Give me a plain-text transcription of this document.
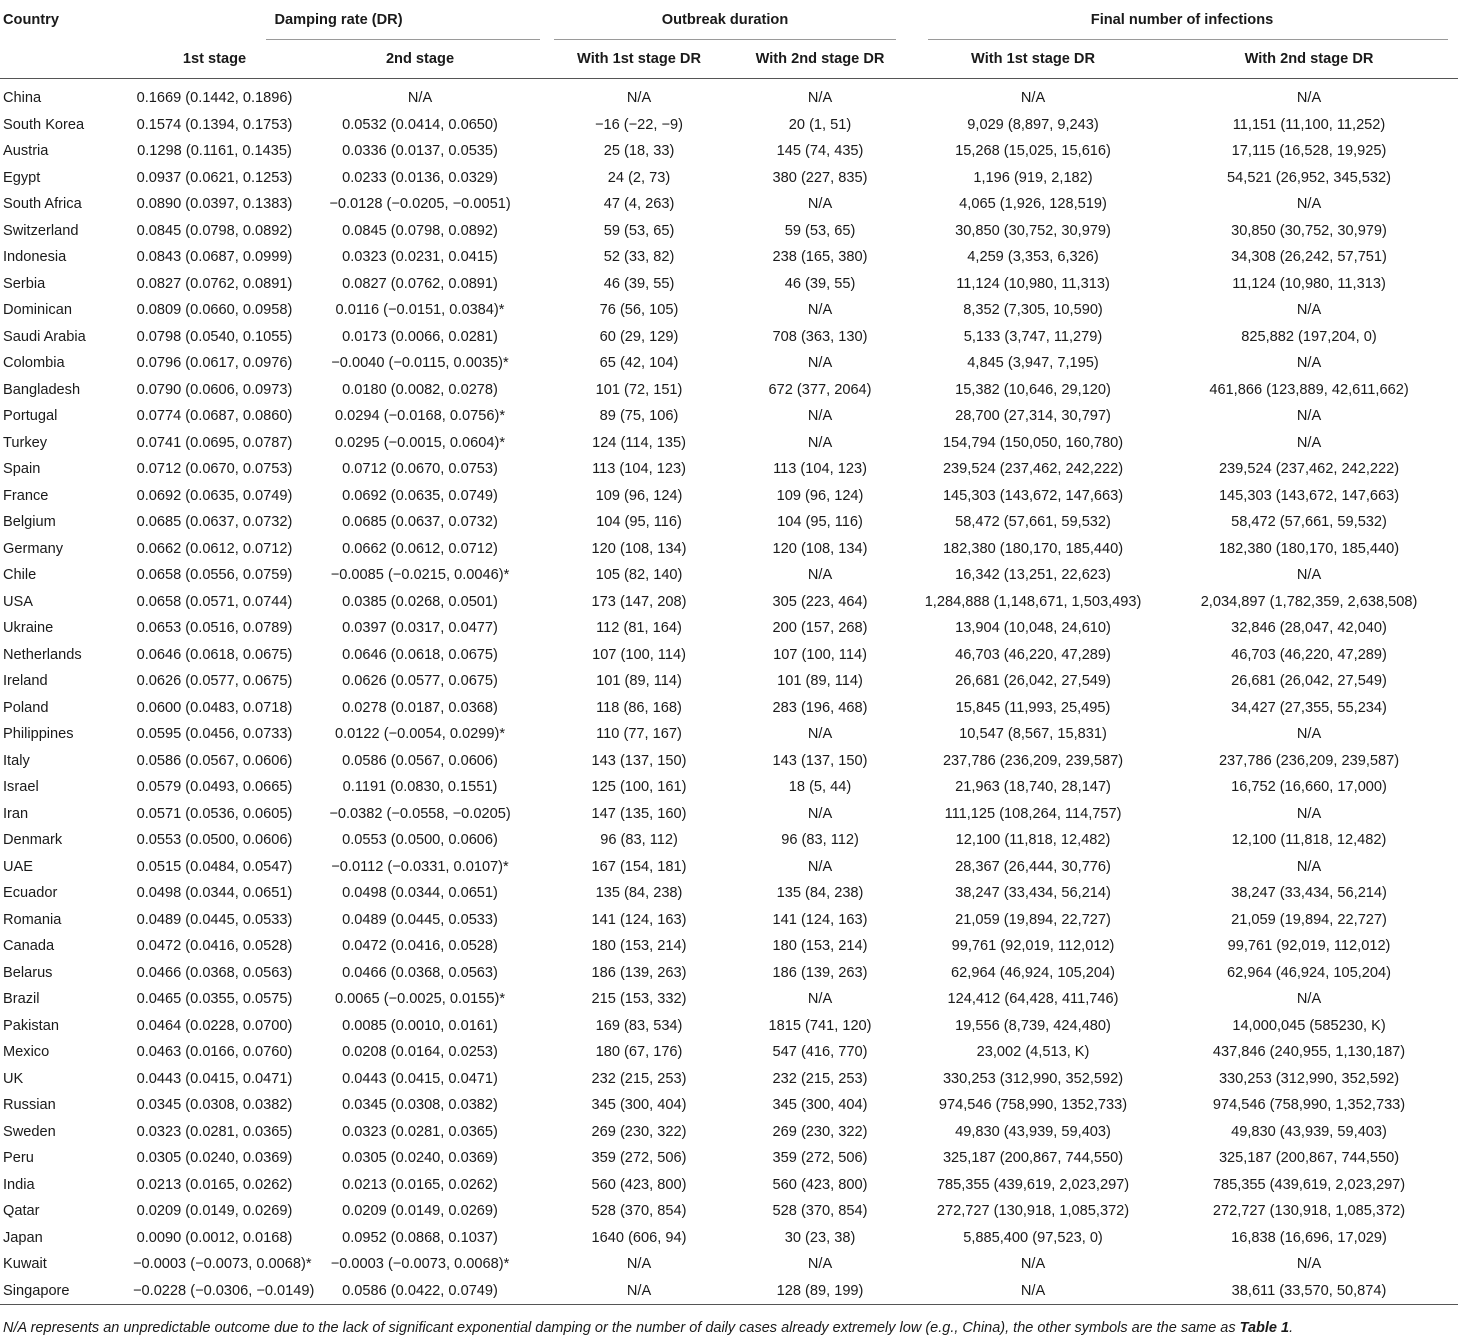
Country	Damping rate (DR)		Outbreak duration		Final number of infections	

	1st stage	2nd stage	With 1st stage DR	With 2nd stage DR	With 1st stage DR	With 2nd stage DR
China	0.1669 (0.1442, 0.1896)	N/A	N/A	N/A	N/A	N/A
South Korea	0.1574 (0.1394, 0.1753)	0.0532 (0.0414, 0.0650)	−16 (−22, −9)	20 (1, 51)	9,029 (8,897, 9,243)	11,151 (11,100, 11,252)
Austria	0.1298 (0.1161, 0.1435)	0.0336 (0.0137, 0.0535)	25 (18, 33)	145 (74, 435)	15,268 (15,025, 15,616)	17,115 (16,528, 19,925)
Egypt	0.0937 (0.0621, 0.1253)	0.0233 (0.0136, 0.0329)	24 (2, 73)	380 (227, 835)	1,196 (919, 2,182)	54,521 (26,952, 345,532)
South Africa	0.0890 (0.0397, 0.1383)	−0.0128 (−0.0205, −0.0051)	47 (4, 263)	N/A	4,065 (1,926, 128,519)	N/A
Switzerland	0.0845 (0.0798, 0.0892)	0.0845 (0.0798, 0.0892)	59 (53, 65)	59 (53, 65)	30,850 (30,752, 30,979)	30,850 (30,752, 30,979)
Indonesia	0.0843 (0.0687, 0.0999)	0.0323 (0.0231, 0.0415)	52 (33, 82)	238 (165, 380)	4,259 (3,353, 6,326)	34,308 (26,242, 57,751)
Serbia	0.0827 (0.0762, 0.0891)	0.0827 (0.0762, 0.0891)	46 (39, 55)	46 (39, 55)	11,124 (10,980, 11,313)	11,124 (10,980, 11,313)
Dominican	0.0809 (0.0660, 0.0958)	0.0116 (−0.0151, 0.0384)*	76 (56, 105)	N/A	8,352 (7,305, 10,590)	N/A
Saudi Arabia	0.0798 (0.0540, 0.1055)	0.0173 (0.0066, 0.0281)	60 (29, 129)	708 (363, 130)	5,133 (3,747, 11,279)	825,882 (197,204, 0)
Colombia	0.0796 (0.0617, 0.0976)	−0.0040 (−0.0115, 0.0035)*	65 (42, 104)	N/A	4,845 (3,947, 7,195)	N/A
Bangladesh	0.0790 (0.0606, 0.0973)	0.0180 (0.0082, 0.0278)	101 (72, 151)	672 (377, 2064)	15,382 (10,646, 29,120)	461,866 (123,889, 42,611,662)
Portugal	0.0774 (0.0687, 0.0860)	0.0294 (−0.0168, 0.0756)*	89 (75, 106)	N/A	28,700 (27,314, 30,797)	N/A
Turkey	0.0741 (0.0695, 0.0787)	0.0295 (−0.0015, 0.0604)*	124 (114, 135)	N/A	154,794 (150,050, 160,780)	N/A
Spain	0.0712 (0.0670, 0.0753)	0.0712 (0.0670, 0.0753)	113 (104, 123)	113 (104, 123)	239,524 (237,462, 242,222)	239,524 (237,462, 242,222)
France	0.0692 (0.0635, 0.0749)	0.0692 (0.0635, 0.0749)	109 (96, 124)	109 (96, 124)	145,303 (143,672, 147,663)	145,303 (143,672, 147,663)
Belgium	0.0685 (0.0637, 0.0732)	0.0685 (0.0637, 0.0732)	104 (95, 116)	104 (95, 116)	58,472 (57,661, 59,532)	58,472 (57,661, 59,532)
Germany	0.0662 (0.0612, 0.0712)	0.0662 (0.0612, 0.0712)	120 (108, 134)	120 (108, 134)	182,380 (180,170, 185,440)	182,380 (180,170, 185,440)
Chile	0.0658 (0.0556, 0.0759)	−0.0085 (−0.0215, 0.0046)*	105 (82, 140)	N/A	16,342 (13,251, 22,623)	N/A
USA	0.0658 (0.0571, 0.0744)	0.0385 (0.0268, 0.0501)	173 (147, 208)	305 (223, 464)	1,284,888 (1,148,671, 1,503,493)	2,034,897 (1,782,359, 2,638,508)
Ukraine	0.0653 (0.0516, 0.0789)	0.0397 (0.0317, 0.0477)	112 (81, 164)	200 (157, 268)	13,904 (10,048, 24,610)	32,846 (28,047, 42,040)
Netherlands	0.0646 (0.0618, 0.0675)	0.0646 (0.0618, 0.0675)	107 (100, 114)	107 (100, 114)	46,703 (46,220, 47,289)	46,703 (46,220, 47,289)
Ireland	0.0626 (0.0577, 0.0675)	0.0626 (0.0577, 0.0675)	101 (89, 114)	101 (89, 114)	26,681 (26,042, 27,549)	26,681 (26,042, 27,549)
Poland	0.0600 (0.0483, 0.0718)	0.0278 (0.0187, 0.0368)	118 (86, 168)	283 (196, 468)	15,845 (11,993, 25,495)	34,427 (27,355, 55,234)
Philippines	0.0595 (0.0456, 0.0733)	0.0122 (−0.0054, 0.0299)*	110 (77, 167)	N/A	10,547 (8,567, 15,831)	N/A
Italy	0.0586 (0.0567, 0.0606)	0.0586 (0.0567, 0.0606)	143 (137, 150)	143 (137, 150)	237,786 (236,209, 239,587)	237,786 (236,209, 239,587)
Israel	0.0579 (0.0493, 0.0665)	0.1191 (0.0830, 0.1551)	125 (100, 161)	18 (5, 44)	21,963 (18,740, 28,147)	16,752 (16,660, 17,000)
Iran	0.0571 (0.0536, 0.0605)	−0.0382 (−0.0558, −0.0205)	147 (135, 160)	N/A	111,125 (108,264, 114,757)	N/A
Denmark	0.0553 (0.0500, 0.0606)	0.0553 (0.0500, 0.0606)	96 (83, 112)	96 (83, 112)	12,100 (11,818, 12,482)	12,100 (11,818, 12,482)
UAE	0.0515 (0.0484, 0.0547)	−0.0112 (−0.0331, 0.0107)*	167 (154, 181)	N/A	28,367 (26,444, 30,776)	N/A
Ecuador	0.0498 (0.0344, 0.0651)	0.0498 (0.0344, 0.0651)	135 (84, 238)	135 (84, 238)	38,247 (33,434, 56,214)	38,247 (33,434, 56,214)
Romania	0.0489 (0.0445, 0.0533)	0.0489 (0.0445, 0.0533)	141 (124, 163)	141 (124, 163)	21,059 (19,894, 22,727)	21,059 (19,894, 22,727)
Canada	0.0472 (0.0416, 0.0528)	0.0472 (0.0416, 0.0528)	180 (153, 214)	180 (153, 214)	99,761 (92,019, 112,012)	99,761 (92,019, 112,012)
Belarus	0.0466 (0.0368, 0.0563)	0.0466 (0.0368, 0.0563)	186 (139, 263)	186 (139, 263)	62,964 (46,924, 105,204)	62,964 (46,924, 105,204)
Brazil	0.0465 (0.0355, 0.0575)	0.0065 (−0.0025, 0.0155)*	215 (153, 332)	N/A	124,412 (64,428, 411,746)	N/A
Pakistan	0.0464 (0.0228, 0.0700)	0.0085 (0.0010, 0.0161)	169 (83, 534)	1815 (741, 120)	19,556 (8,739, 424,480)	14,000,045 (585230, K)
Mexico	0.0463 (0.0166, 0.0760)	0.0208 (0.0164, 0.0253)	180 (67, 176)	547 (416, 770)	23,002 (4,513, K)	437,846 (240,955, 1,130,187)
UK	0.0443 (0.0415, 0.0471)	0.0443 (0.0415, 0.0471)	232 (215, 253)	232 (215, 253)	330,253 (312,990, 352,592)	330,253 (312,990, 352,592)
Russian	0.0345 (0.0308, 0.0382)	0.0345 (0.0308, 0.0382)	345 (300, 404)	345 (300, 404)	974,546 (758,990, 1352,733)	974,546 (758,990, 1,352,733)
Sweden	0.0323 (0.0281, 0.0365)	0.0323 (0.0281, 0.0365)	269 (230, 322)	269 (230, 322)	49,830 (43,939, 59,403)	49,830 (43,939, 59,403)
Peru	0.0305 (0.0240, 0.0369)	0.0305 (0.0240, 0.0369)	359 (272, 506)	359 (272, 506)	325,187 (200,867, 744,550)	325,187 (200,867, 744,550)
India	0.0213 (0.0165, 0.0262)	0.0213 (0.0165, 0.0262)	560 (423, 800)	560 (423, 800)	785,355 (439,619, 2,023,297)	785,355 (439,619, 2,023,297)
Qatar	0.0209 (0.0149, 0.0269)	0.0209 (0.0149, 0.0269)	528 (370, 854)	528 (370, 854)	272,727 (130,918, 1,085,372)	272,727 (130,918, 1,085,372)
Japan	0.0090 (0.0012, 0.0168)	0.0952 (0.0868, 0.1037)	1640 (606, 94)	30 (23, 38)	5,885,400 (97,523, 0)	16,838 (16,696, 17,029)
Kuwait	−0.0003 (−0.0073, 0.0068)*	−0.0003 (−0.0073, 0.0068)*	N/A	N/A	N/A	N/A
Singapore	−0.0228 (−0.0306, −0.0149)	0.0586 (0.0422, 0.0749)	N/A	128 (89, 199)	N/A	38,611 (33,570, 50,874)
N/A represents an unpredictable outcome due to the lack of significant exponential damping or the number of daily cases already extremely low (e.g., China), the other symbols are the same as Table 1.
